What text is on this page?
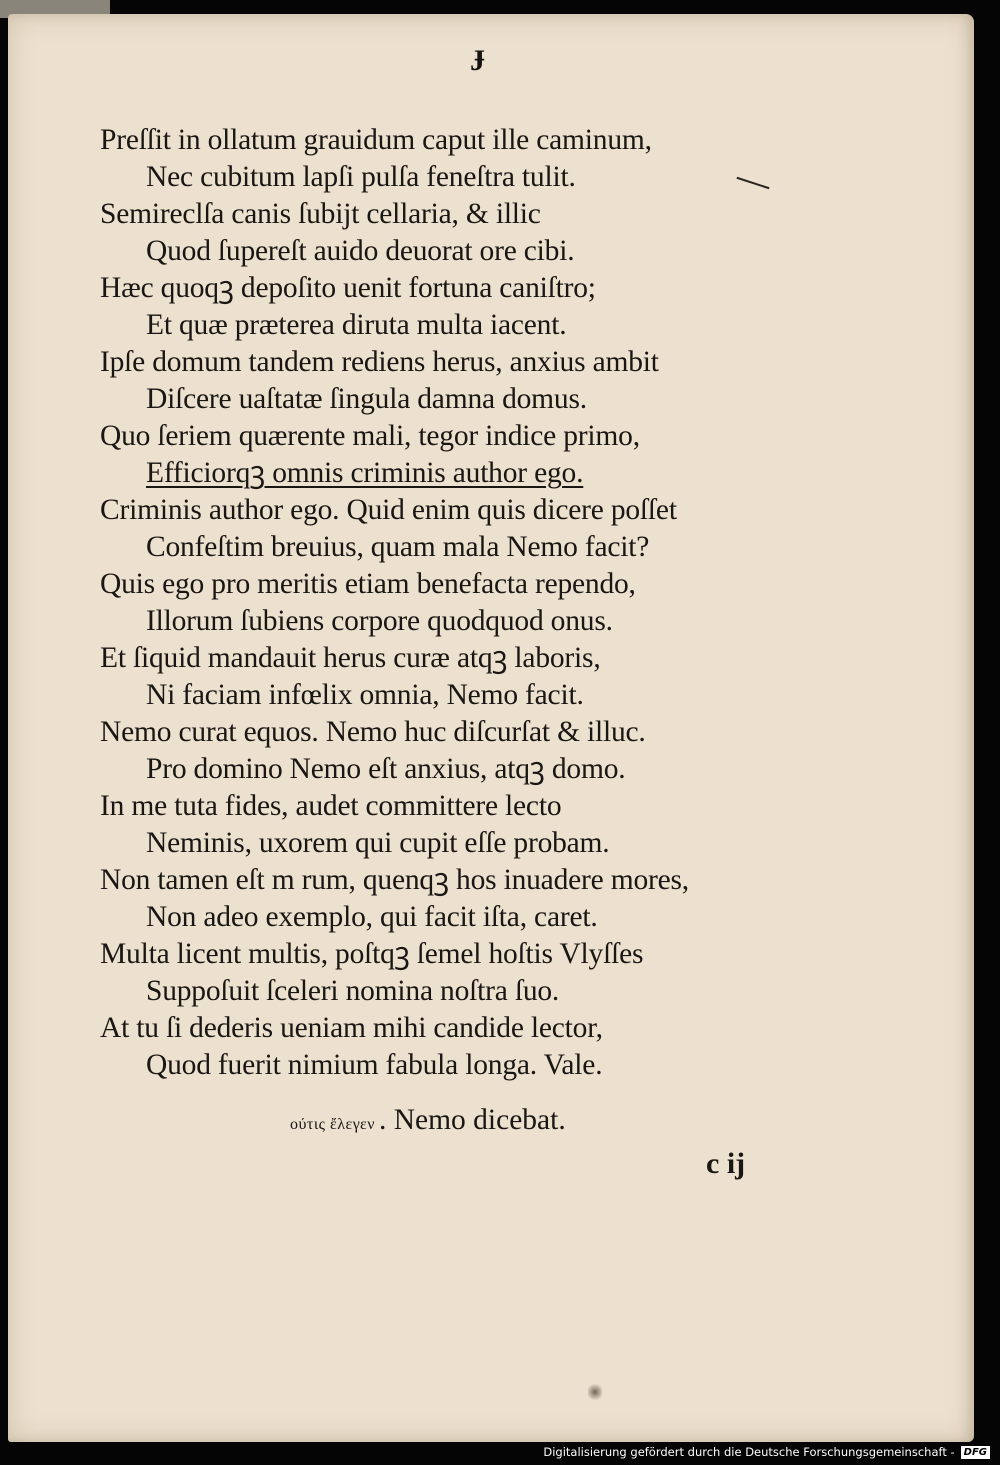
Ɉ
Preſſit in ollatum grauidum caput ille caminum,
Nec cubitum lapſi pulſa feneſtra tulit.
Semireclſa canis ſubijt cellaria, & illic
Quod ſupereſt auido deuorat ore cibi.
Hæc quoqꝫ depoſito uenit fortuna caniſtro;
Et quæ præterea diruta multa iacent.
Ipſe domum tandem rediens herus, anxius ambit
Diſcere uaſtatæ ſingula damna domus.
Quo ſeriem quærente mali, tegor indice primo,
Efficiorqꝫ omnis criminis author ego.
Criminis author ego. Quid enim quis dicere poſſet
Confeſtim breuius, quam mala Nemo facit?
Quis ego pro meritis etiam benefacta rependo,
Illorum ſubiens corpore quodquod onus.
Et ſiquid mandauit herus curæ atqꝫ laboris,
Ni faciam infœlix omnia, Nemo facit.
Nemo curat equos. Nemo huc diſcurſat & illuc.
Pro domino Nemo eſt anxius, atqꝫ domo.
In me tuta fides, audet committere lecto
Neminis, uxorem qui cupit eſſe probam.
Non tamen eſt m rum, quenqꝫ hos inuadere mores,
Non adeo exemplo, qui facit iſta, caret.
Multa licent multis, poſtqꝫ ſemel hoſtis Vlyſſes
Suppoſuit ſceleri nomina noſtra ſuo.
At tu ſi dederis ueniam mihi candide lector,
Quod fuerit nimium fabula longa. Vale.
ούτις ἔλεγεν . Nemo dicebat.
c ij
Digitalisierung gefördert durch die Deutsche Forschungsgemeinschaft - DFG
